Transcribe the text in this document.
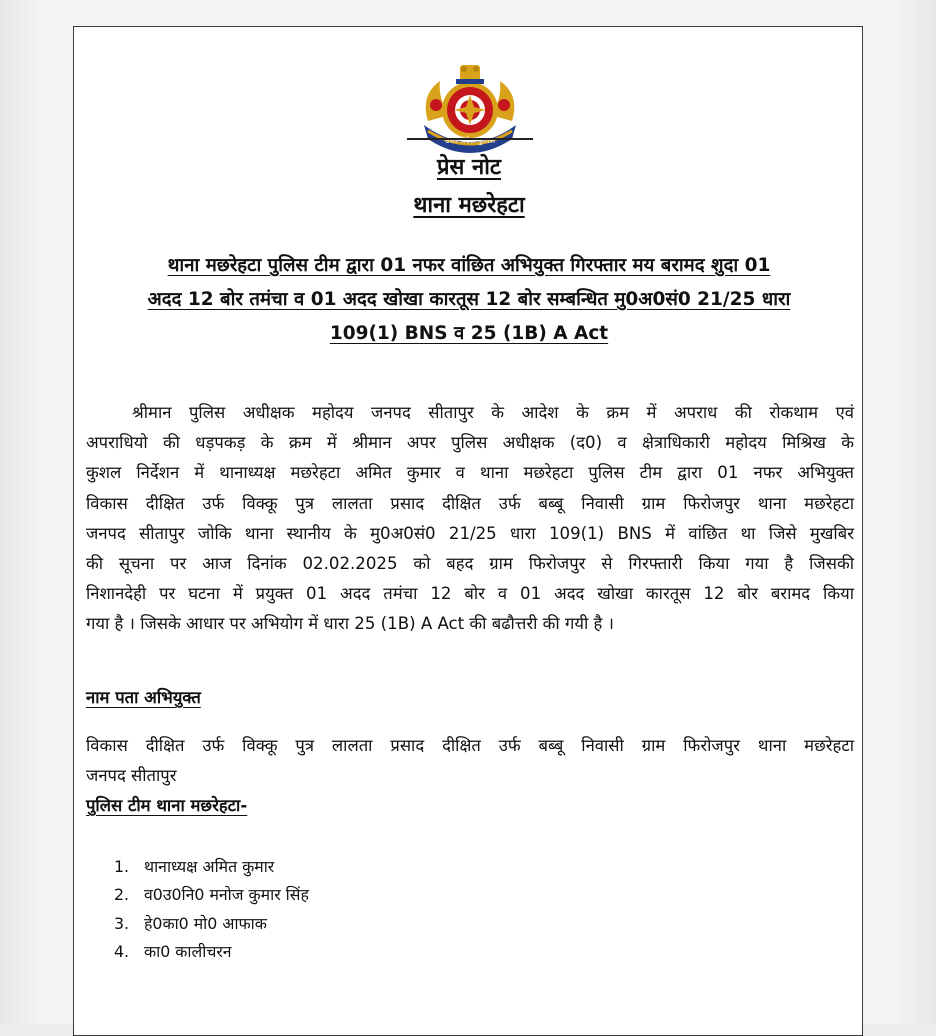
उत्तर प्रदेश पुलिस
प्रेस नोट
थाना मछरेहटा
थाना मछरेहटा पुलिस टीम द्वारा 01 नफर वांछित अभियुक्त गिरफ्तार मय बरामद शुदा 01
अदद 12 बोर तमंचा व 01 अदद खोखा कारतूस 12 बोर सम्बन्धित मु0अ0सं0 21/25 धारा
109(1) BNS व 25 (1B) A Act
श्रीमान पुलिस अधीक्षक महोदय जनपद सीतापुर के आदेश के क्रम में अपराध की रोकथाम एवं
अपराधियो की धड़पकड़ के क्रम में श्रीमान अपर पुलिस अधीक्षक (द0) व क्षेत्राधिकारी महोदय मिश्रिख के
कुशल निर्देशन में थानाध्यक्ष मछरेहटा अमित कुमार व थाना मछरेहटा पुलिस टीम द्वारा 01 नफर अभियुक्त
विकास दीक्षित उर्फ विक्कू पुत्र लालता प्रसाद दीक्षित उर्फ बब्बू निवासी ग्राम फिरोजपुर थाना मछरेहटा
जनपद सीतापुर जोकि थाना स्थानीय के मु0अ0सं0 21/25 धारा 109(1) BNS में वांछित था जिसे मुखबिर
की सूचना पर आज दिनांक 02.02.2025 को बहद ग्राम फिरोजपुर से गिरफ्तारी किया गया है जिसकी
निशानदेही पर घटना में प्रयुक्त 01 अदद तमंचा 12 बोर व 01 अदद खोखा कारतूस 12 बोर बरामद किया
गया है । जिसके आधार पर अभियोग में धारा 25 (1B) A Act की बढौत्तरी की गयी है ।
नाम पता अभियुक्त
विकास दीक्षित उर्फ विक्कू पुत्र लालता प्रसाद दीक्षित उर्फ बब्बू निवासी ग्राम फिरोजपुर थाना मछरेहटा
जनपद सीतापुर
पुलिस टीम थाना मछरेहटा-
1. थानाध्यक्ष अमित कुमार
2. व0उ0नि0 मनोज कुमार सिंह
3. हे0का0 मो0 आफाक
4. का0 कालीचरन
